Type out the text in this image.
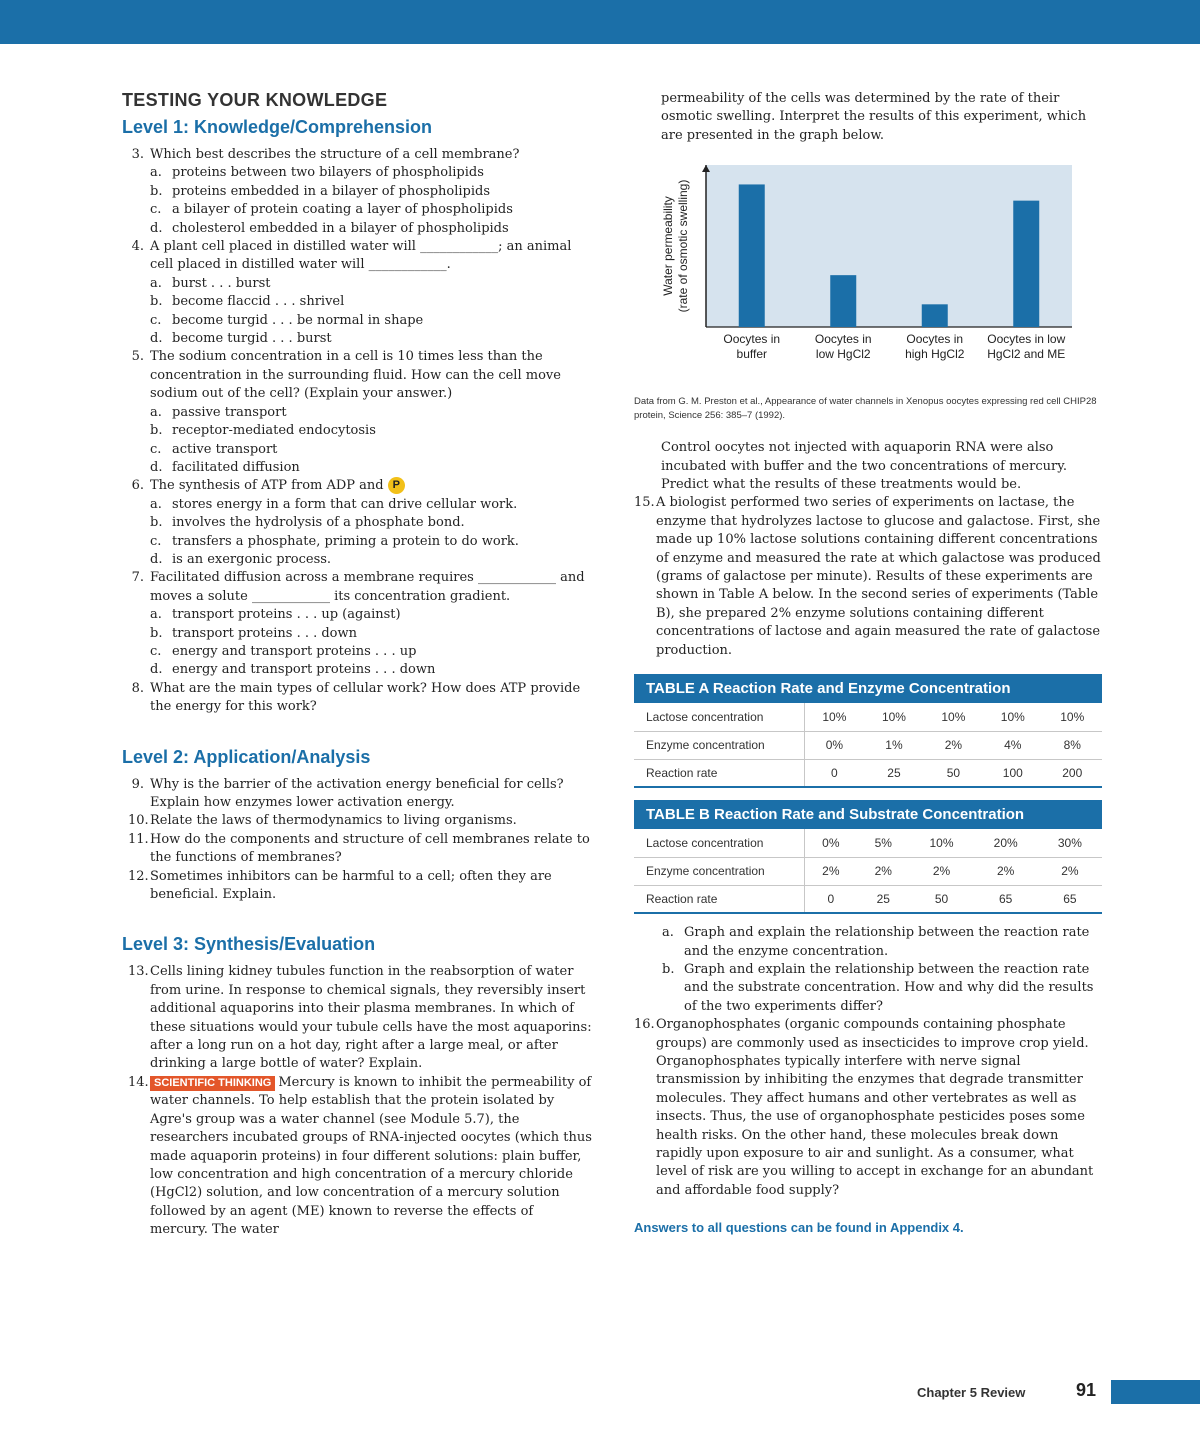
TESTING YOUR KNOWLEDGE
Level 1: Knowledge/Comprehension
3. Which best describes the structure of a cell membrane?
a. proteins between two bilayers of phospholipids
b. proteins embedded in a bilayer of phospholipids
c. a bilayer of protein coating a layer of phospholipids
d. cholesterol embedded in a bilayer of phospholipids
4. A plant cell placed in distilled water will ____________; an animal cell placed in distilled water will ____________.
a. burst . . . burst
b. become flaccid . . . shrivel
c. become turgid . . . be normal in shape
d. become turgid . . . burst
5. The sodium concentration in a cell is 10 times less than the concentration in the surrounding fluid. How can the cell move sodium out of the cell? (Explain your answer.)
a. passive transport
b. receptor-mediated endocytosis
c. active transport
d. facilitated diffusion
6. The synthesis of ATP from ADP and P
a. stores energy in a form that can drive cellular work.
b. involves the hydrolysis of a phosphate bond.
c. transfers a phosphate, priming a protein to do work.
d. is an exergonic process.
7. Facilitated diffusion across a membrane requires ____________ and moves a solute ____________ its concentration gradient.
a. transport proteins . . . up (against)
b. transport proteins . . . down
c. energy and transport proteins . . . up
d. energy and transport proteins . . . down
8. What are the main types of cellular work? How does ATP provide the energy for this work?
Level 2: Application/Analysis
9. Why is the barrier of the activation energy beneficial for cells? Explain how enzymes lower activation energy.
10. Relate the laws of thermodynamics to living organisms.
11. How do the components and structure of cell membranes relate to the functions of membranes?
12. Sometimes inhibitors can be harmful to a cell; often they are beneficial. Explain.
Level 3: Synthesis/Evaluation
13. Cells lining kidney tubules function in the reabsorption of water from urine. In response to chemical signals, they reversibly insert additional aquaporins into their plasma membranes. In which of these situations would your tubule cells have the most aquaporins: after a long run on a hot day, right after a large meal, or after drinking a large bottle of water? Explain.
14. SCIENTIFIC THINKING Mercury is known to inhibit the permeability of water channels. To help establish that the protein isolated by Agre's group was a water channel (see Module 5.7), the researchers incubated groups of RNA-injected oocytes (which thus made aquaporin proteins) in four different solutions: plain buffer, low concentration and high concentration of a mercury chloride (HgCl2) solution, and low concentration of a mercury solution followed by an agent (ME) known to reverse the effects of mercury. The water
permeability of the cells was determined by the rate of their osmotic swelling. Interpret the results of this experiment, which are presented in the graph below.
Water permeability (rate of osmotic swelling)
Oocytes in
buffer
Oocytes in
low HgCl2
Oocytes in
high HgCl2
Oocytes in low
HgCl2 and ME
Data from G. M. Preston et al., Appearance of water channels in Xenopus oocytes expressing red cell CHIP28 protein, Science 256: 385–7 (1992).
Control oocytes not injected with aquaporin RNA were also incubated with buffer and the two concentrations of mercury. Predict what the results of these treatments would be.
15. A biologist performed two series of experiments on lactase, the enzyme that hydrolyzes lactose to glucose and galactose. First, she made up 10% lactose solutions containing different concentrations of enzyme and measured the rate at which galactose was produced (grams of galactose per minute). Results of these experiments are shown in Table A below. In the second series of experiments (Table B), she prepared 2% enzyme solutions containing different concentrations of lactose and again measured the rate of galactose production.
TABLE A Reaction Rate and Enzyme Concentration
Lactose concentration	10%	10%	10%	10%	10%
Enzyme concentration	0%	1%	2%	4%	8%
Reaction rate	0	25	50	100	200
TABLE B Reaction Rate and Substrate Concentration
Lactose concentration	0%	5%	10%	20%	30%
Enzyme concentration	2%	2%	2%	2%	2%
Reaction rate	0	25	50	65	65
a. Graph and explain the relationship between the reaction rate and the enzyme concentration.
b. Graph and explain the relationship between the reaction rate and the substrate concentration. How and why did the results of the two experiments differ?
16. Organophosphates (organic compounds containing phosphate groups) are commonly used as insecticides to improve crop yield. Organophosphates typically interfere with nerve signal transmission by inhibiting the enzymes that degrade transmitter molecules. They affect humans and other vertebrates as well as insects. Thus, the use of organophosphate pesticides poses some health risks. On the other hand, these molecules break down rapidly upon exposure to air and sunlight. As a consumer, what level of risk are you willing to accept in exchange for an abundant and affordable food supply?
Answers to all questions can be found in Appendix 4.
Chapter 5 Review	91
